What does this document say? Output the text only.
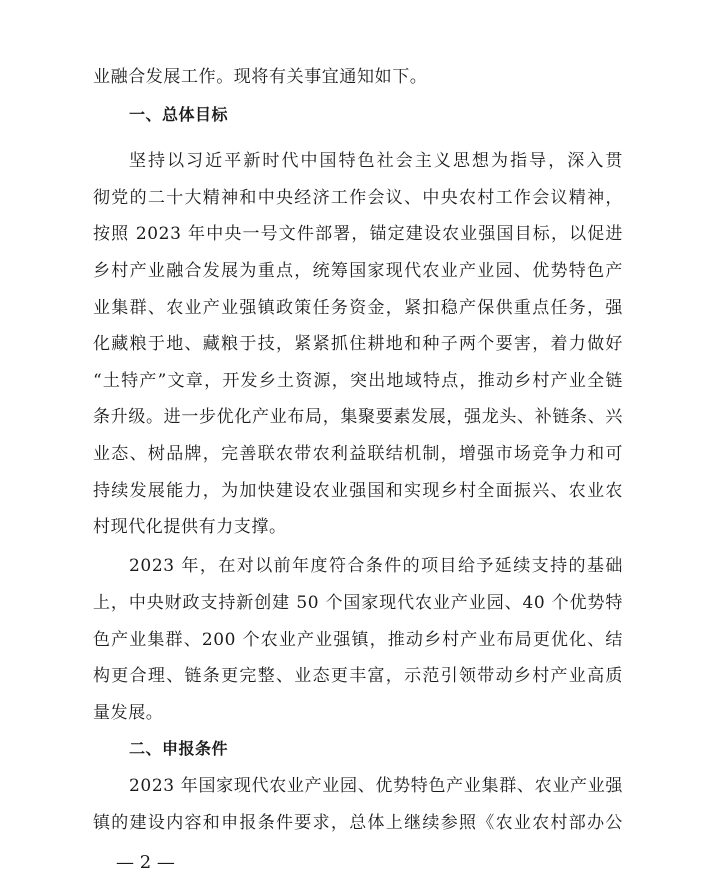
业融合发展工作。现将有关事宜通知如下。
一、总体目标
坚持以习近平新时代中国特色社会主义思想为指导，深入贯
彻党的二十大精神和中央经济工作会议、中央农村工作会议精神，
按照 2023 年中央一号文件部署，锚定建设农业强国目标，以促进
乡村产业融合发展为重点，统筹国家现代农业产业园、优势特色产
业集群、农业产业强镇政策任务资金，紧扣稳产保供重点任务，强
化藏粮于地、藏粮于技，紧紧抓住耕地和种子两个要害，着力做好
“土特产”文章，开发乡土资源，突出地域特点，推动乡村产业全链
条升级。进一步优化产业布局，集聚要素发展，强龙头、补链条、兴
业态、树品牌，完善联农带农利益联结机制，增强市场竞争力和可
持续发展能力，为加快建设农业强国和实现乡村全面振兴、农业农
村现代化提供有力支撑。
2023 年，在对以前年度符合条件的项目给予延续支持的基础
上，中央财政支持新创建 50 个国家现代农业产业园、40 个优势特
色产业集群、200 个农业产业强镇，推动乡村产业布局更优化、结
构更合理、链条更完整、业态更丰富，示范引领带动乡村产业高质
量发展。
二、申报条件
2023 年国家现代农业产业园、优势特色产业集群、农业产业强
镇的建设内容和申报条件要求，总体上继续参照《农业农村部办公
— 2 —
